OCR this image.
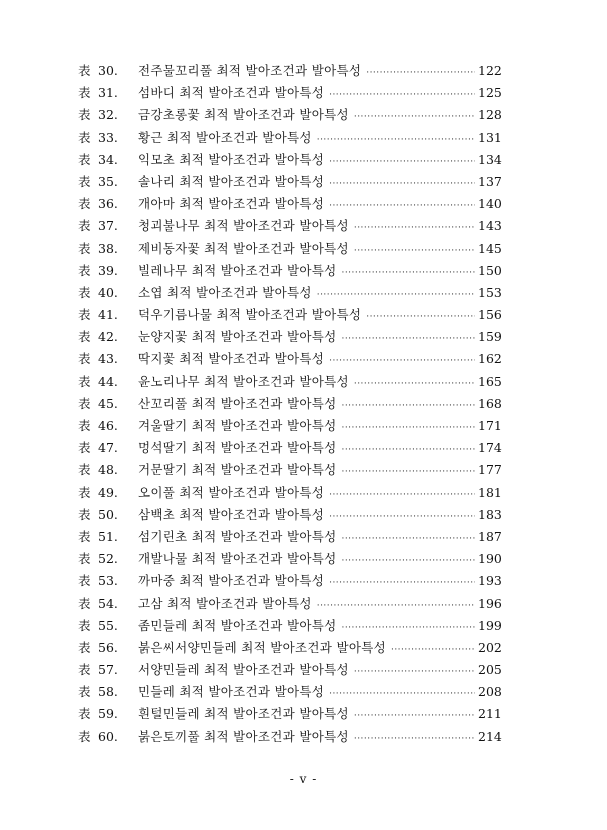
表 30.	전주물꼬리풀 최적 발아조건과 발아특성 ·····	122
表 31.	섬바디 최적 발아조건과 발아특성 ·····	125
表 32.	금강초롱꽃 최적 발아조건과 발아특성 ·····	128
表 33.	황근 최적 발아조건과 발아특성 ·····	131
表 34.	익모초 최적 발아조건과 발아특성 ·····	134
表 35.	솔나리 최적 발아조건과 발아특성 ·····	137
表 36.	개아마 최적 발아조건과 발아특성 ·····	140
表 37.	청괴불나무 최적 발아조건과 발아특성 ·····	143
表 38.	제비동자꽃 최적 발아조건과 발아특성 ·····	145
表 39.	빌레나무 최적 발아조건과 발아특성 ·····	150
表 40.	소엽 최적 발아조건과 발아특성 ·····	153
表 41.	덕우기름나물 최적 발아조건과 발아특성 ·····	156
表 42.	눈양지꽃 최적 발아조건과 발아특성 ·····	159
表 43.	딱지꽃 최적 발아조건과 발아특성 ·····	162
表 44.	윤노리나무 최적 발아조건과 발아특성 ·····	165
表 45.	산꼬리풀 최적 발아조건과 발아특성 ·····	168
表 46.	겨울딸기 최적 발아조건과 발아특성 ·····	171
表 47.	멍석딸기 최적 발아조건과 발아특성 ·····	174
表 48.	거문딸기 최적 발아조건과 발아특성 ·····	177
表 49.	오이풀 최적 발아조건과 발아특성 ·····	181
表 50.	삼백초 최적 발아조건과 발아특성 ·····	183
表 51.	섬기린초 최적 발아조건과 발아특성 ·····	187
表 52.	개발나물 최적 발아조건과 발아특성 ·····	190
表 53.	까마중 최적 발아조건과 발아특성 ·····	193
表 54.	고삼 최적 발아조건과 발아특성 ·····	196
表 55.	좀민들레 최적 발아조건과 발아특성 ·····	199
表 56.	붉은씨서양민들레 최적 발아조건과 발아특성 ·····	202
表 57.	서양민들레 최적 발아조건과 발아특성 ·····	205
表 58.	민들레 최적 발아조건과 발아특성 ·····	208
表 59.	흰털민들레 최적 발아조건과 발아특성 ·····	211
表 60.	붉은토끼풀 최적 발아조건과 발아특성 ·····	214
- v -
